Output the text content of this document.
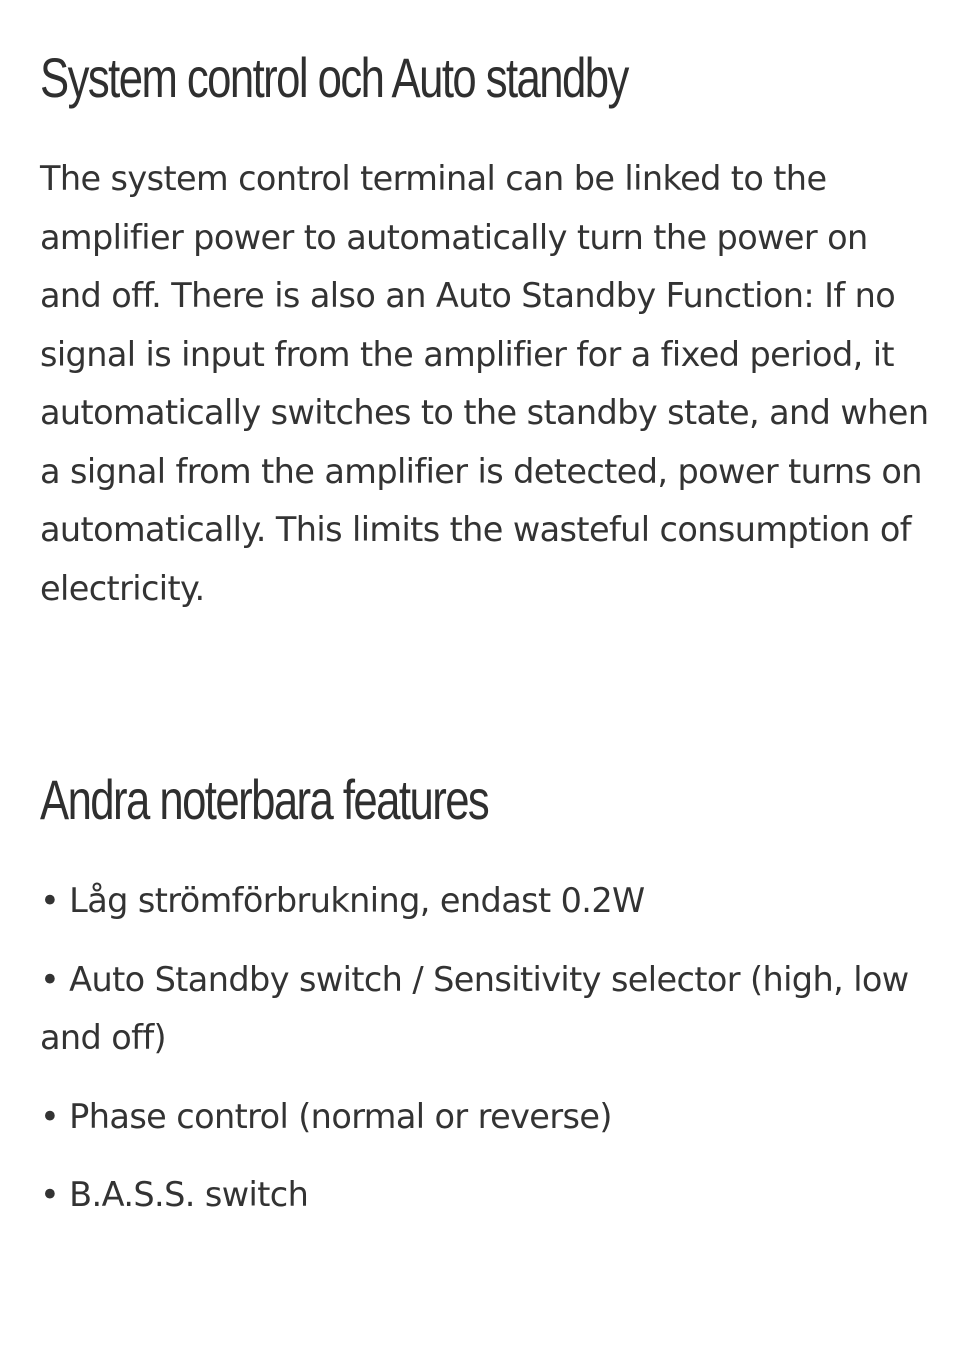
System control och Auto standby

The system control terminal can be linked to the amplifier power to automatically turn the power on and off. There is also an Auto Standby Function: If no signal is input from the amplifier for a fixed period, it automatically switches to the standby state, and when a signal from the amplifier is detected, power turns on automatically. This limits the wasteful consumption of electricity.

Andra noterbara features
• Låg strömförbrukning, endast 0.2W
• Auto Standby switch / Sensitivity selector (high, low and off)
• Phase control (normal or reverse)
• B.A.S.S. switch
